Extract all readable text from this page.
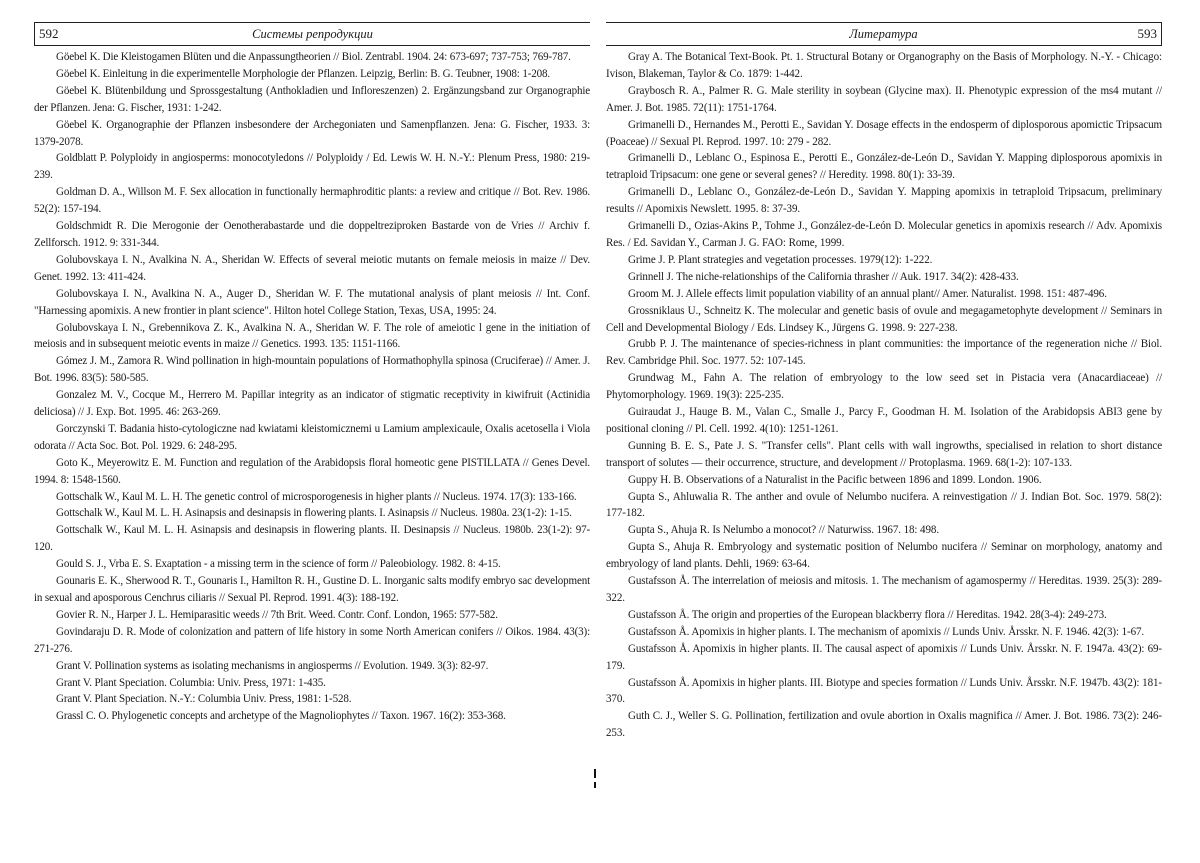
592	Системы репродукции

Göebel K. Die Kleistogamen Blüten und die Anpassungtheorien // Biol. Zentrabl. 1904. 24: 673-697; 737-753; 769-787.

Göebel K. Einleitung in die experimentelle Morphologie der Pflanzen. Leipzig, Berlin: B. G. Teubner, 1908: 1-208.

Göebel K. Blütenbildung und Sprossgestaltung (Anthokladien und Infloreszenzen) 2. Ergänzungsband zur Organographie der Pflanzen. Jena: G. Fischer, 1931: 1-242.

Göebel K. Organographie der Pflanzen insbesondere der Archegoniaten und Samenpflanzen. Jena: G. Fischer, 1933. 3: 1379-2078.

Goldblatt P. Polyploidy in angiosperms: monocotyledons // Polyploidy / Ed. Lewis W. H. N.-Y.: Plenum Press, 1980: 219-239.

Goldman D. A., Willson M. F. Sex allocation in functionally hermaphroditic plants: a review and critique // Bot. Rev. 1986. 52(2): 157-194.

Goldschmidt R. Die Merogonie der Oenotherabastarde und die doppeltreziproken Bastarde von de Vries // Archiv f. Zellforsch. 1912. 9: 331-344.

Golubovskaya I. N., Avalkina N. A., Sheridan W. Effects of several meiotic mutants on female meiosis in maize // Dev. Genet. 1992. 13: 411-424.

Golubovskaya I. N., Avalkina N. A., Auger D., Sheridan W. F. The mutational analysis of plant meiosis // Int. Conf. "Harnessing apomixis. A new frontier in plant science". Hilton hotel College Station, Texas, USA, 1995: 24.

Golubovskaya I. N., Grebennikova Z. K., Avalkina N. A., Sheridan W. F. The role of ameiotic l gene in the initiation of meiosis and in subsequent meiotic events in maize // Genetics. 1993. 135: 1151-1166.

Gómez J. M., Zamora R. Wind pollination in high-mountain populations of Hormathophylla spinosa (Cruciferae) // Amer. J. Bot. 1996. 83(5): 580-585.

Gonzalez M. V., Cocque M., Herrero M. Papillar integrity as an indicator of stigmatic receptivity in kiwifruit (Actinidia deliciosa) // J. Exp. Bot. 1995. 46: 263-269.

Gorczynski T. Badania histo-cytologiczne nad kwiatami kleistomicznemi u Lamium amplexicaule, Oxalis acetosella i Viola odorata // Acta Soc. Bot. Pol. 1929. 6: 248-295.

Goto K., Meyerowitz E. M. Function and regulation of the Arabidopsis floral homeotic gene PISTILLATA // Genes Devel. 1994. 8: 1548-1560.

Gottschalk W., Kaul M. L. H. The genetic control of microsporogenesis in higher plants // Nucleus. 1974. 17(3): 133-166.

Gottschalk W., Kaul M. L. H. Asinapsis and desinapsis in flowering plants. I. Asinapsis // Nucleus. 1980a. 23(1-2): 1-15.

Gottschalk W., Kaul M. L. H. Asinapsis and desinapsis in flowering plants. II. Desinapsis // Nucleus. 1980b. 23(1-2): 97-120.

Gould S. J., Vrba E. S. Exaptation - a missing term in the science of form // Paleobiology. 1982. 8: 4-15.

Gounaris E. K., Sherwood R. T., Gounaris I., Hamilton R. H., Gustine D. L. Inorganic salts modify embryo sac development in sexual and aposporous Cenchrus ciliaris // Sexual Pl. Reprod. 1991. 4(3): 188-192.

Govier R. N., Harper J. L. Hemiparasitic weeds // 7th Brit. Weed. Contr. Conf. London, 1965: 577-582.

Govindaraju D. R. Mode of colonization and pattern of life history in some North American conifers // Oikos. 1984. 43(3): 271-276.

Grant V. Pollination systems as isolating mechanisms in angiosperms // Evolution. 1949. 3(3): 82-97.

Grant V. Plant Speciation. Columbia: Univ. Press, 1971: 1-435.

Grant V. Plant Speciation. N.-Y.: Columbia Univ. Press, 1981: 1-528.

Grassl C. O. Phylogenetic concepts and archetype of the Magnoliophytes // Taxon. 1967. 16(2): 353-368.

Литература	593

Gray A. The Botanical Text-Book. Pt. 1. Structural Botany or Organography on the Basis of Morphology. N.-Y. - Chicago: Ivison, Blakeman, Taylor & Co. 1879: 1-442.

Graybosch R. A., Palmer R. G. Male sterility in soybean (Glycine max). II. Phenotypic expression of the ms4 mutant // Amer. J. Bot. 1985. 72(11): 1751-1764.

Grimanelli D., Hernandes M., Perotti E., Savidan Y. Dosage effects in the endosperm of diplosporous apomictic Tripsacum (Poaceae) // Sexual Pl. Reprod. 1997. 10: 279 - 282.

Grimanelli D., Leblanc O., Espinosa E., Perotti E., González-de-León D., Savidan Y. Mapping diplosporous apomixis in tetraploid Tripsacum: one gene or several genes? // Heredity. 1998. 80(1): 33-39.

Grimanelli D., Leblanc O., González-de-León D., Savidan Y. Mapping apomixis in tetraploid Tripsacum, preliminary results // Apomixis Newslett. 1995. 8: 37-39.

Grimanelli D., Ozias-Akins P., Tohme J., González-de-León D. Molecular genetics in apomixis research // Adv. Apomixis Res. / Ed. Savidan Y., Carman J. G. FAO: Rome, 1999.

Grime J. P. Plant strategies and vegetation processes. 1979(12): 1-222.

Grinnell J. The niche-relationships of the California thrasher // Auk. 1917. 34(2): 428-433.

Groom M. J. Allele effects limit population viability of an annual plant// Amer. Naturalist. 1998. 151: 487-496.

Grossniklaus U., Schneitz K. The molecular and genetic basis of ovule and megagametophyte development // Seminars in Cell and Developmental Biology / Eds. Lindsey K., Jürgens G. 1998. 9: 227-238.

Grubb P. J. The maintenance of species-richness in plant communities: the importance of the regeneration niche // Biol. Rev. Cambridge Phil. Soc. 1977. 52: 107-145.

Grundwag M., Fahn A. The relation of embryology to the low seed set in Pistacia vera (Anacardiaceae) // Phytomorphology. 1969. 19(3): 225-235.

Guiraudat J., Hauge B. M., Valan C., Smalle J., Parcy F., Goodman H. M. Isolation of the Arabidopsis ABI3 gene by positional cloning // Pl. Cell. 1992. 4(10): 1251-1261.

Gunning B. E. S., Pate J. S. "Transfer cells". Plant cells with wall ingrowths, specialised in relation to short distance transport of solutes — their occurrence, structure, and development // Protoplasma. 1969. 68(1-2): 107-133.

Guppy H. B. Observations of a Naturalist in the Pacific between 1896 and 1899. London. 1906.

Gupta S., Ahluwalia R. The anther and ovule of Nelumbo nucifera. A reinvestigation // J. Indian Bot. Soc. 1979. 58(2): 177-182.

Gupta S., Ahuja R. Is Nelumbo a monocot? // Naturwiss. 1967. 18: 498.

Gupta S., Ahuja R. Embryology and systematic position of Nelumbo nucifera // Seminar on morphology, anatomy and embryology of land plants. Dehli, 1969: 63-64.

Gustafsson Å. The interrelation of meiosis and mitosis. 1. The mechanism of agamospermy // Hereditas. 1939. 25(3): 289-322.

Gustafsson Å. The origin and properties of the European blackberry flora // Hereditas. 1942. 28(3-4): 249-273.

Gustafsson Å. Apomixis in higher plants. I. The mechanism of apomixis // Lunds Univ. Årsskr. N. F. 1946. 42(3): 1-67.

Gustafsson Å. Apomixis in higher plants. II. The causal aspect of apomixis // Lunds Univ. Årsskr. N. F. 1947a. 43(2): 69-179.

Gustafsson Å. Apomixis in higher plants. III. Biotype and species formation // Lunds Univ. Årsskr. N.F. 1947b. 43(2): 181-370.

Guth C. J., Weller S. G. Pollination, fertilization and ovule abortion in Oxalis magnifica // Amer. J. Bot. 1986. 73(2): 246-253.
